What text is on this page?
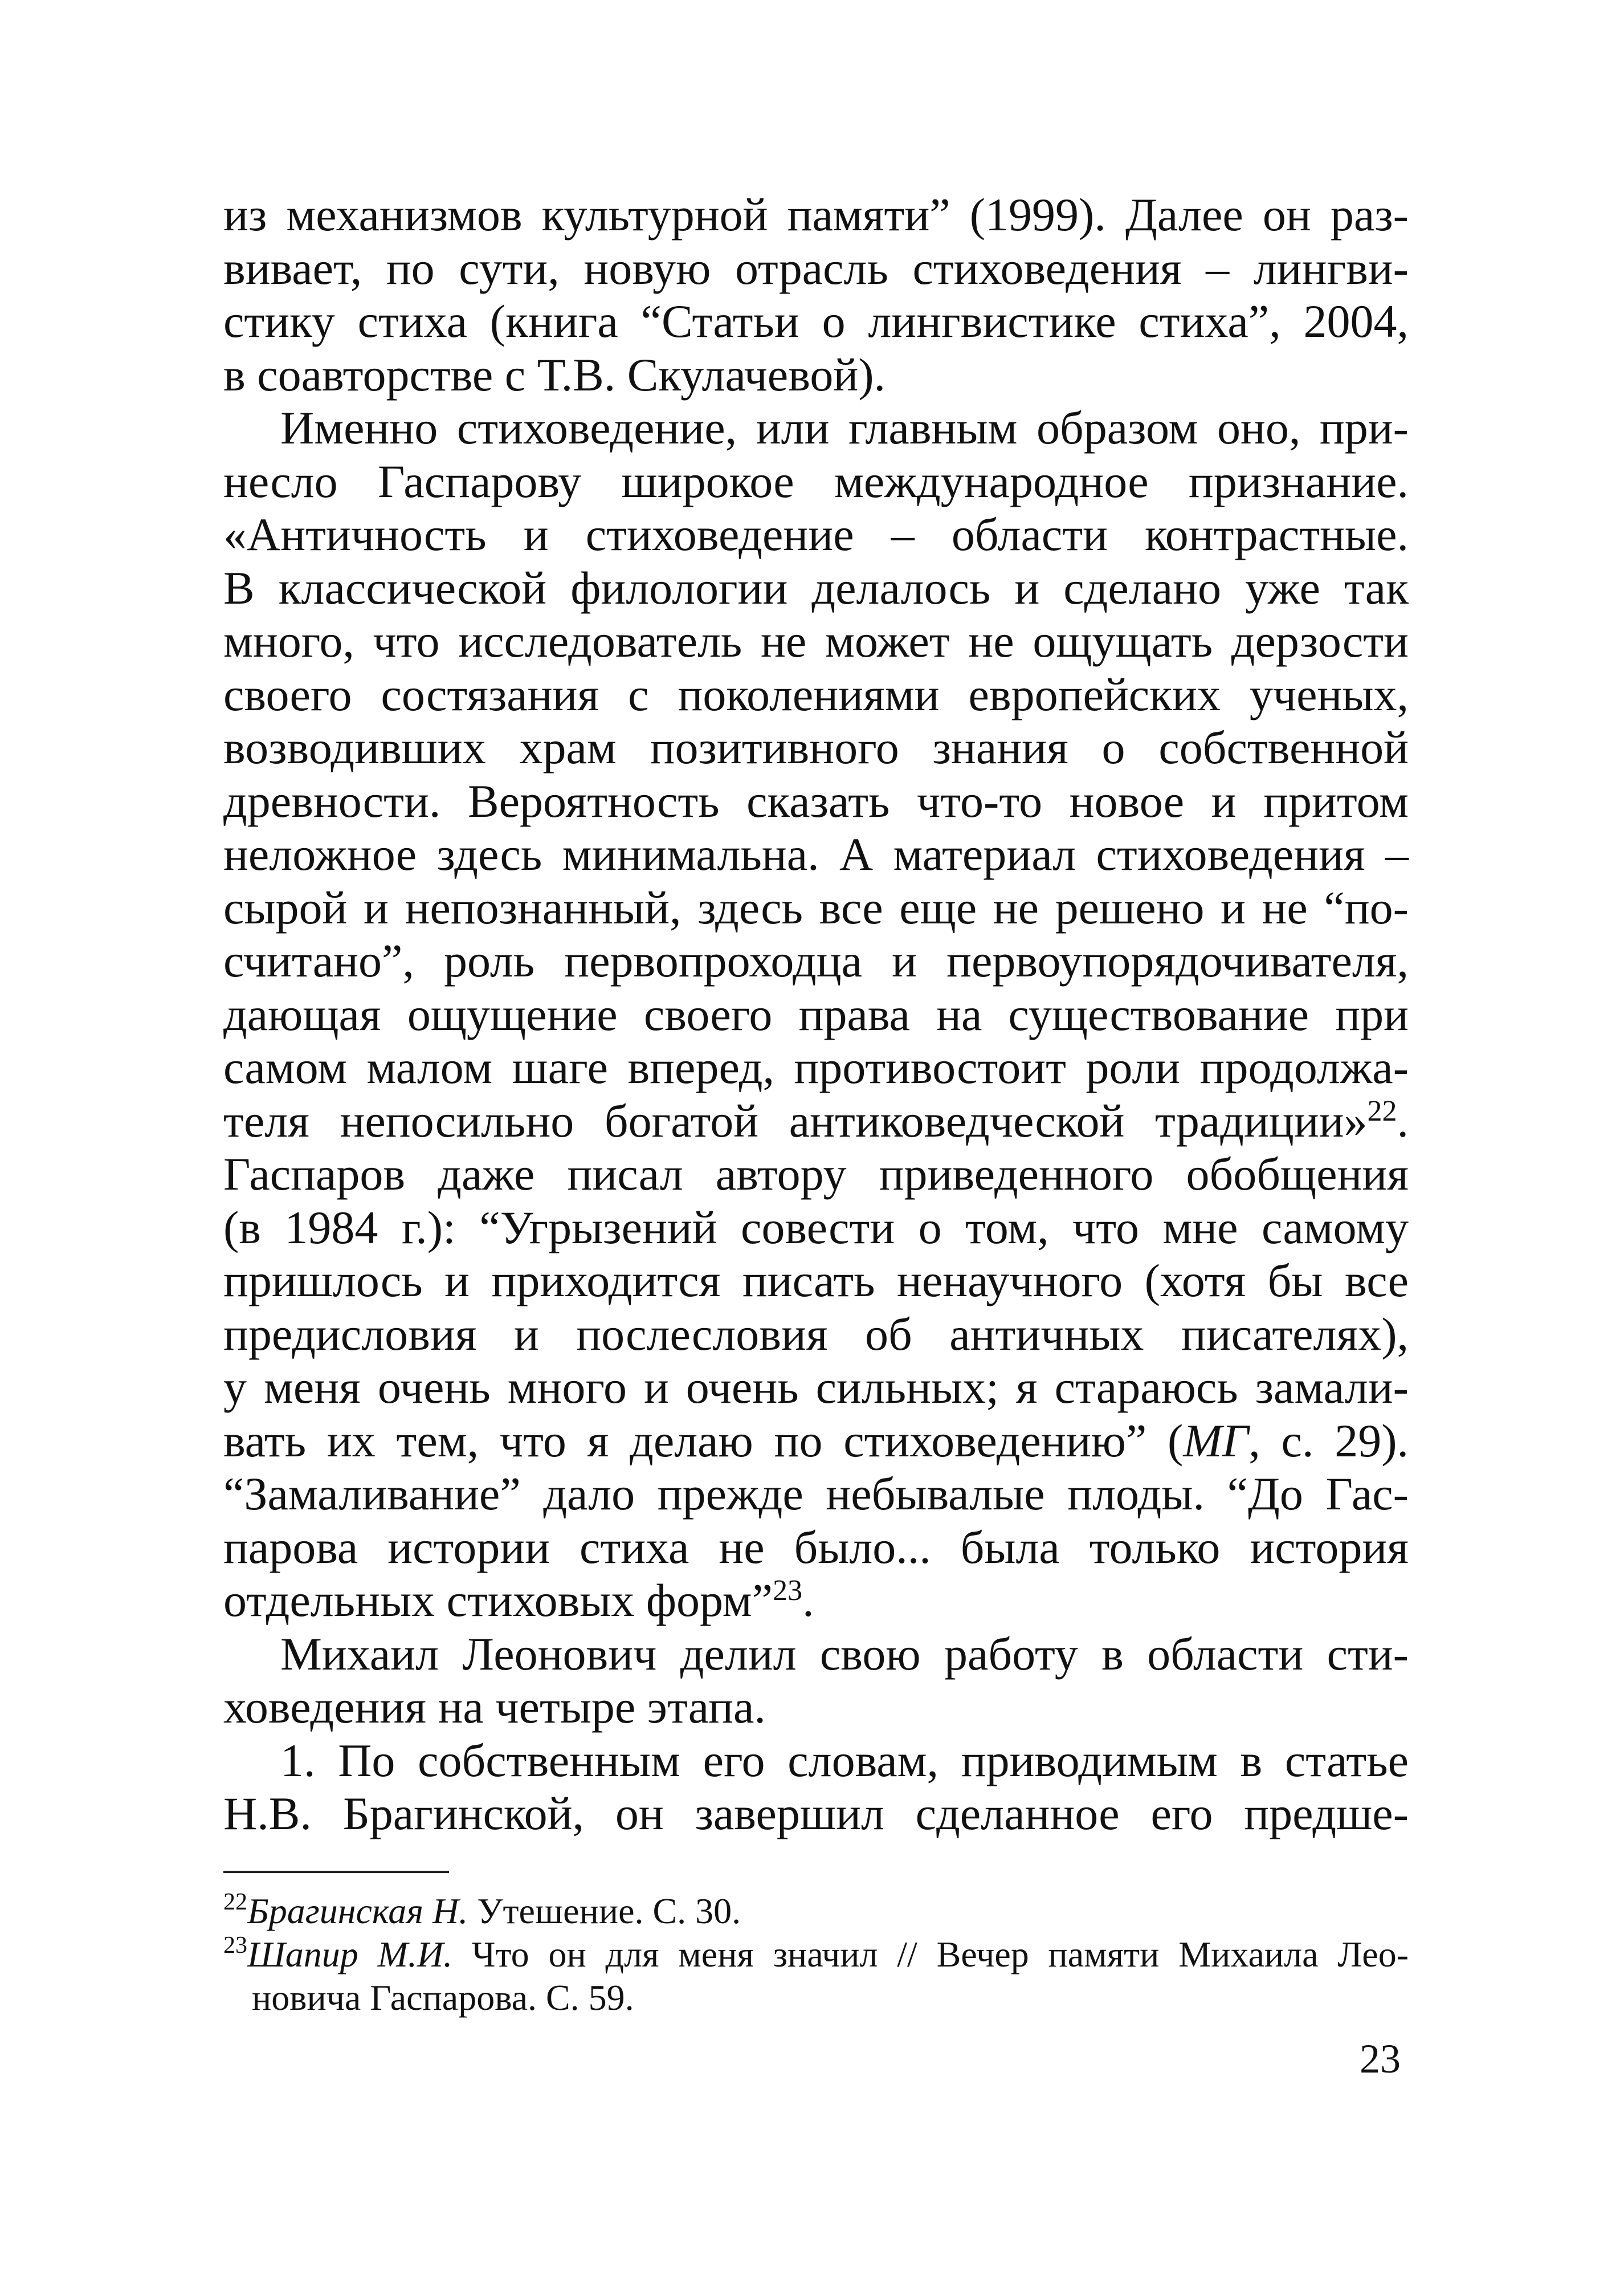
из механизмов культурной памяти” (1999). Далее он раз-
вивает, по сути, новую отрасль стиховедения – лингви-
стику стиха (книга “Статьи о лингвистике стиха”, 2004,
в соавторстве с Т.В. Скулачевой).
Именно стиховедение, или главным образом оно, при-
несло Гаспарову широкое международное признание.
«Античность и стиховедение – области контрастные.
В классической филологии делалось и сделано уже так
много, что исследователь не может не ощущать дерзости
своего состязания с поколениями европейских ученых,
возводивших храм позитивного знания о собственной
древности. Вероятность сказать что-то новое и притом
неложное здесь минимальна. А материал стиховедения –
сырой и непознанный, здесь все еще не решено и не “по-
считано”, роль первопроходца и первоупорядочивателя,
дающая ощущение своего права на существование при
самом малом шаге вперед, противостоит роли продолжа-
теля непосильно богатой антиковедческой традиции»$^{22}$.
Гаспаров даже писал автору приведенного обобщения
(в 1984 г.): “Угрызений совести о том, что мне самому
пришлось и приходится писать ненаучного (хотя бы все
предисловия и послесловия об античных писателях),
у меня очень много и очень сильных; я стараюсь замали-
вать их тем, что я делаю по стиховедению” (МГ, с. 29).
“Замаливание” дало прежде небывалые плоды. “До Гас-
парова истории стиха не было... была только история
отдельных стиховых форм”$^{23}$.
Михаил Леонович делил свою работу в области сти-
ховедения на четыре этапа.
1. По собственным его словам, приводимым в статье
Н.В. Брагинской, он завершил сделанное его предше-
$^{22}$Брагинская Н. Утешение. С. 30.
$^{23}$Шапир М.И. Что он для меня значил // Вечер памяти Михаила Лео-
новича Гаспарова. С. 59.
23
